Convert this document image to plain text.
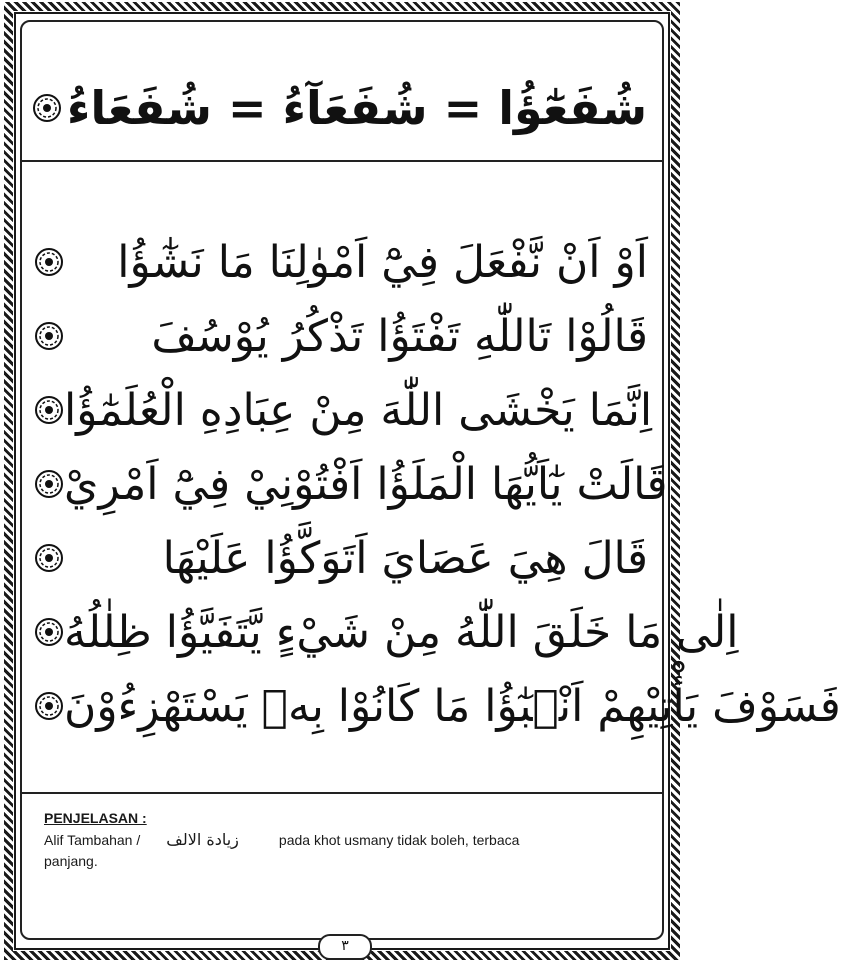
شُفَعٰٓؤُا = شُفَعَآءُ = شُفَعَاءُ
اَوْ اَنْ نَّفْعَلَ فِيْٓ اَمْوٰلِنَا مَا نَشٰٓؤُا
قَالُوْا تَاللّٰهِ تَفْتَؤُا تَذْكُرُ يُوْسُفَ
اِنَّمَا يَخْشَى اللّٰهَ مِنْ عِبَادِهِ الْعُلَمٰٓؤُا
قَالَتْ يٰٓاَيُّهَا الْمَلَؤُا اَفْتُوْنِيْ فِيْٓ اَمْرِيْ
قَالَ هِيَ عَصَايَ اَتَوَكَّؤُا عَلَيْهَا
اِلٰى مَا خَلَقَ اللّٰهُ مِنْ شَيْءٍ يَّتَفَيَّؤُا ظِلٰلُهُ
فَسَوْفَ يَأْتِيْهِمْ اَنْۢبٰٓؤُا مَا كَانُوْا بِهٖ يَسْتَهْزِءُوْنَ
PENJELASAN :
Alif Tambahan / زيادة الالف	pada khot usmany tidak boleh, terbaca
panjang.
٣
